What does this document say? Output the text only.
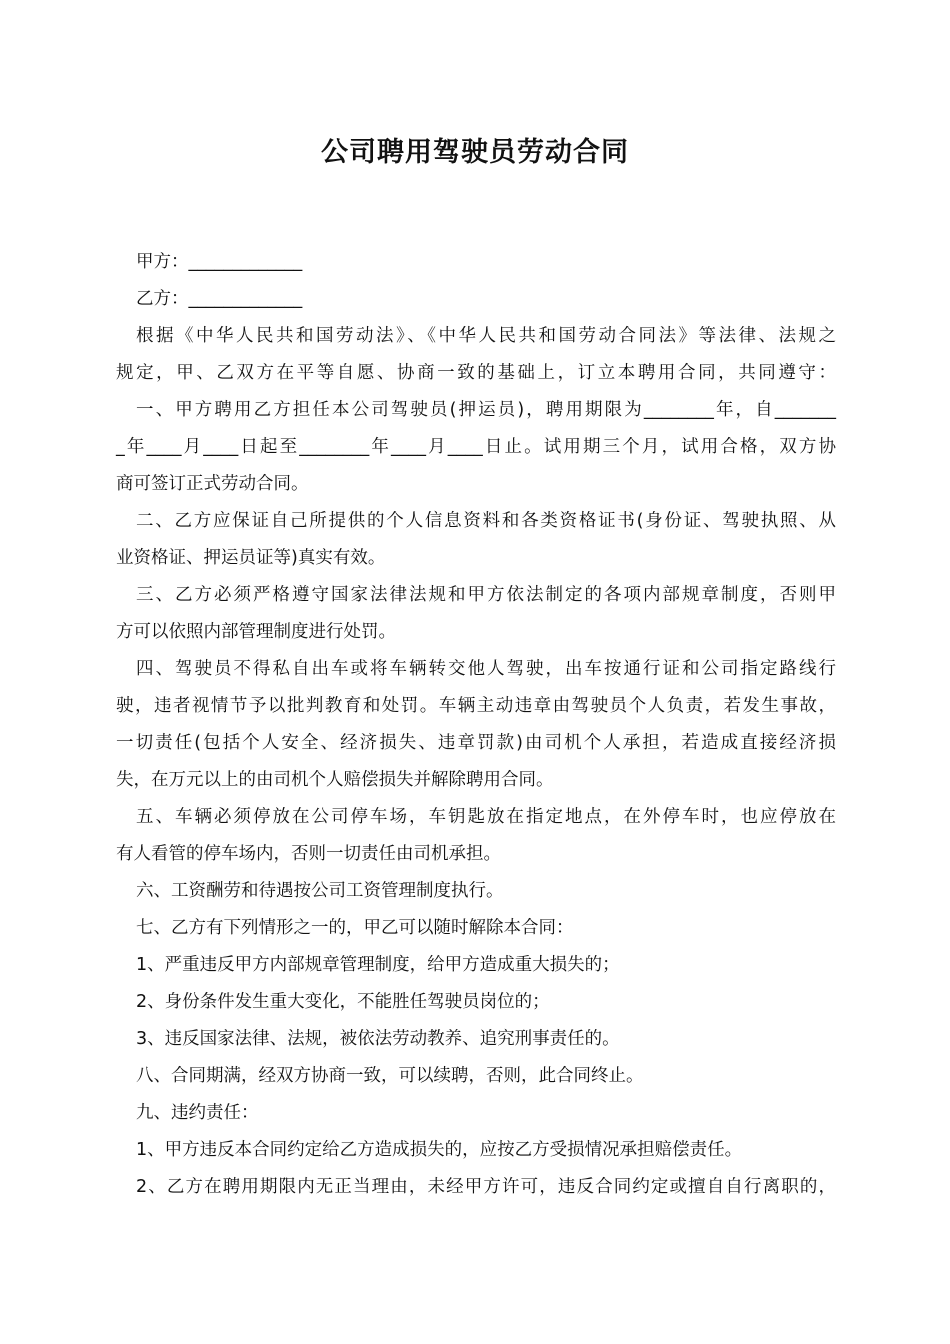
公司聘用驾驶员劳动合同
甲方：_____________
乙方：_____________
根据《中华人民共和国劳动法》、《中华人民共和国劳动合同法》等法律、法规之
规定，甲、乙双方在平等自愿、协商一致的基础上，订立本聘用合同，共同遵守：
一、甲方聘用乙方担任本公司驾驶员(押运员)，聘用期限为________年，自_______
_年____月____日起至________年____月____日止。试用期三个月，试用合格，双方协
商可签订正式劳动合同。
二、乙方应保证自己所提供的个人信息资料和各类资格证书(身份证、驾驶执照、从
业资格证、押运员证等)真实有效。
三、乙方必须严格遵守国家法律法规和甲方依法制定的各项内部规章制度，否则甲
方可以依照内部管理制度进行处罚。
四、驾驶员不得私自出车或将车辆转交他人驾驶，出车按通行证和公司指定路线行
驶，违者视情节予以批判教育和处罚。车辆主动违章由驾驶员个人负责，若发生事故，
一切责任(包括个人安全、经济损失、违章罚款)由司机个人承担，若造成直接经济损
失，在万元以上的由司机个人赔偿损失并解除聘用合同。
五、车辆必须停放在公司停车场，车钥匙放在指定地点，在外停车时，也应停放在
有人看管的停车场内，否则一切责任由司机承担。
六、工资酬劳和待遇按公司工资管理制度执行。
七、乙方有下列情形之一的，甲乙可以随时解除本合同：
1、严重违反甲方内部规章管理制度，给甲方造成重大损失的；
2、身份条件发生重大变化，不能胜任驾驶员岗位的；
3、违反国家法律、法规，被依法劳动教养、追究刑事责任的。
八、合同期满，经双方协商一致，可以续聘，否则，此合同终止。
九、违约责任：
1、甲方违反本合同约定给乙方造成损失的，应按乙方受损情况承担赔偿责任。
2、乙方在聘用期限内无正当理由，未经甲方许可，违反合同约定或擅自自行离职的，
